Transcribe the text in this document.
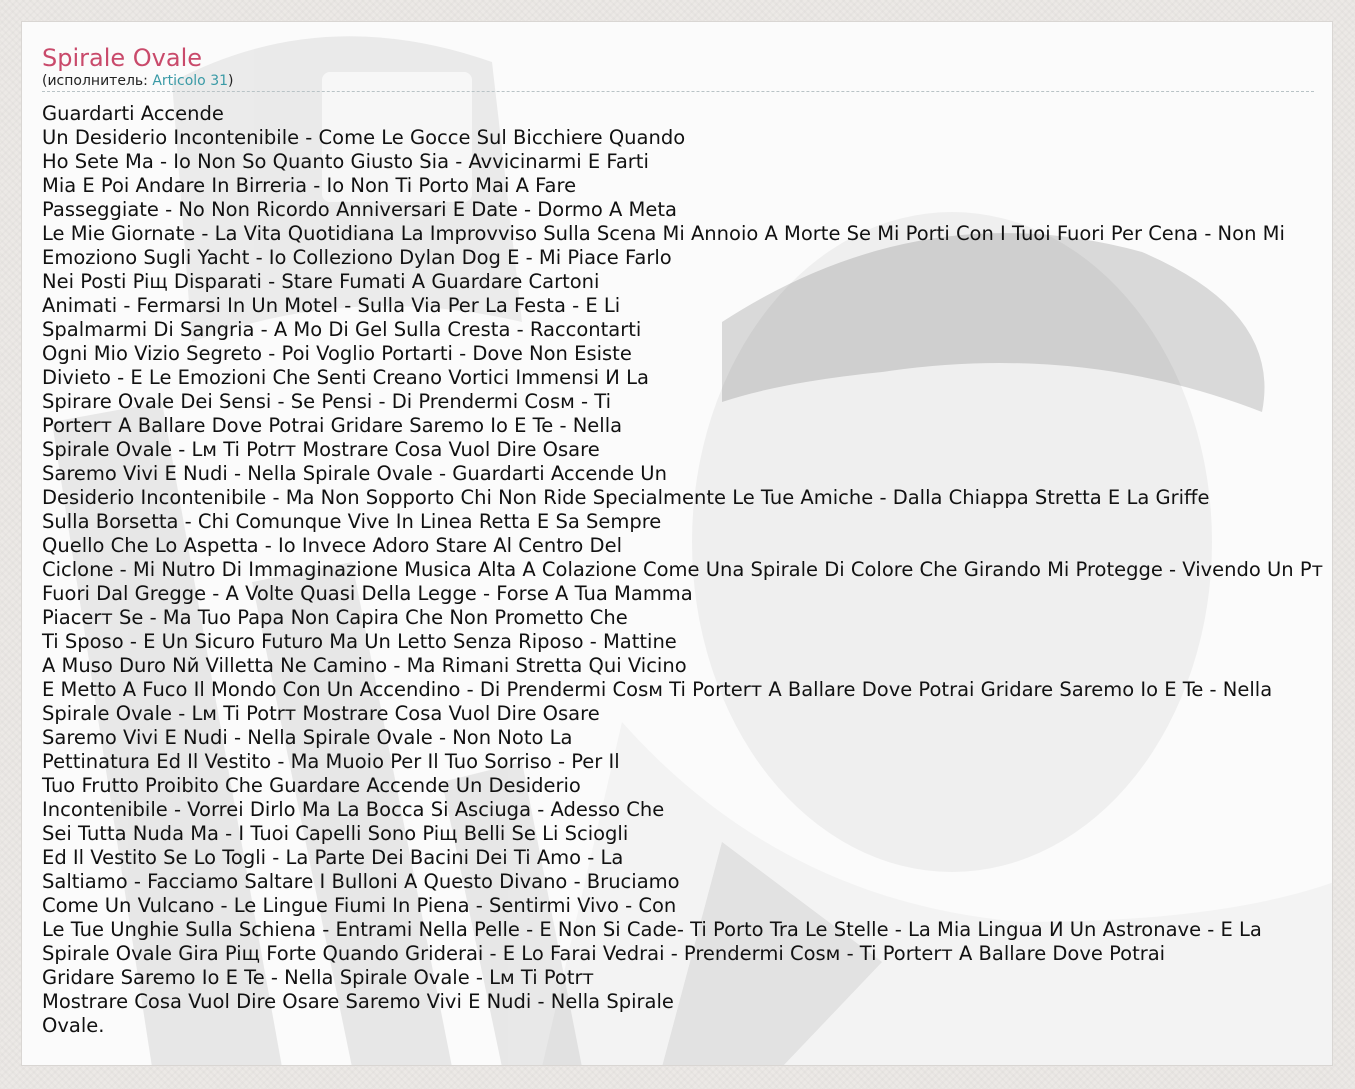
Spirale Ovale
(исполнитель: Articolo 31)
Guardarti Accende
Un Desiderio Incontenibile - Come Le Gocce Sul Bicchiere Quando
Ho Sete Ma - Io Non So Quanto Giusto Sia - Avvicinarmi E Farti
Mia E Poi Andare In Birreria - Io Non Ti Porto Mai A Fare
Passeggiate - No Non Ricordo Anniversari E Date - Dormo A Meta
Le Mie Giornate - La Vita Quotidiana La Improvviso Sulla Scena Mi Annoio A Morte Se Mi Porti Con I Tuoi Fuori Per Cena - Non Mi
Emoziono Sugli Yacht - Io Colleziono Dylan Dog E - Mi Piace Farlo
Nei Posti Piщ Disparati - Stare Fumati A Guardare Cartoni
Animati - Fermarsi In Un Motel - Sulla Via Per La Festa - E Li
Spalmarmi Di Sangria - A Mo Di Gel Sulla Cresta - Raccontarti
Ogni Mio Vizio Segreto - Poi Voglio Portarti - Dove Non Esiste
Divieto - E Le Emozioni Che Senti Creano Vortici Immensi И La
Spirare Ovale Dei Sensi - Se Pensi - Di Prendermi Cosм - Ti
Porterт A Ballare Dove Potrai Gridare Saremo Io E Te - Nella
Spirale Ovale - Lм Ti Potrт Mostrare Cosa Vuol Dire Osare
Saremo Vivi E Nudi - Nella Spirale Ovale - Guardarti Accende Un
Desiderio Incontenibile - Ma Non Sopporto Chi Non Ride Specialmente Le Tue Amiche - Dalla Chiappa Stretta E La Griffe
Sulla Borsetta - Chi Comunque Vive In Linea Retta E Sa Sempre
Quello Che Lo Aspetta - Io Invece Adoro Stare Al Centro Del
Ciclone - Mi Nutro Di Immaginazione Musica Alta A Colazione Come Una Spirale Di Colore Che Girando Mi Protegge - Vivendo Un Pт
Fuori Dal Gregge - A Volte Quasi Della Legge - Forse A Tua Mamma
Piacerт Se - Ma Tuo Papa Non Capira Che Non Prometto Che
Ti Sposo - E Un Sicuro Futuro Ma Un Letto Senza Riposo - Mattine
A Muso Duro Nй Villetta Ne Camino - Ma Rimani Stretta Qui Vicino
E Metto A Fuco Il Mondo Con Un Accendino - Di Prendermi Cosм Ti Porterт A Ballare Dove Potrai Gridare Saremo Io E Te - Nella
Spirale Ovale - Lм Ti Potrт Mostrare Cosa Vuol Dire Osare
Saremo Vivi E Nudi - Nella Spirale Ovale - Non Noto La
Pettinatura Ed Il Vestito - Ma Muoio Per Il Tuo Sorriso - Per Il
Tuo Frutto Proibito Che Guardare Accende Un Desiderio
Incontenibile - Vorrei Dirlo Ma La Bocca Si Asciuga - Adesso Che
Sei Tutta Nuda Ma - I Tuoi Capelli Sono Piщ Belli Se Li Sciogli
Ed Il Vestito Se Lo Togli - La Parte Dei Bacini Dei Ti Amo - La
Saltiamo - Facciamo Saltare I Bulloni A Questo Divano - Bruciamo
Come Un Vulcano - Le Lingue Fiumi In Piena - Sentirmi Vivo - Con
Le Tue Unghie Sulla Schiena - Entrami Nella Pelle - E Non Si Cade- Ti Porto Tra Le Stelle - La Mia Lingua И Un Astronave - E La
Spirale Ovale Gira Piщ Forte Quando Griderai - E Lo Farai Vedrai - Prendermi Cosм - Ti Porterт A Ballare Dove Potrai
Gridare Saremo Io E Te - Nella Spirale Ovale - Lм Ti Potrт
Mostrare Cosa Vuol Dire Osare Saremo Vivi E Nudi - Nella Spirale
Ovale.
